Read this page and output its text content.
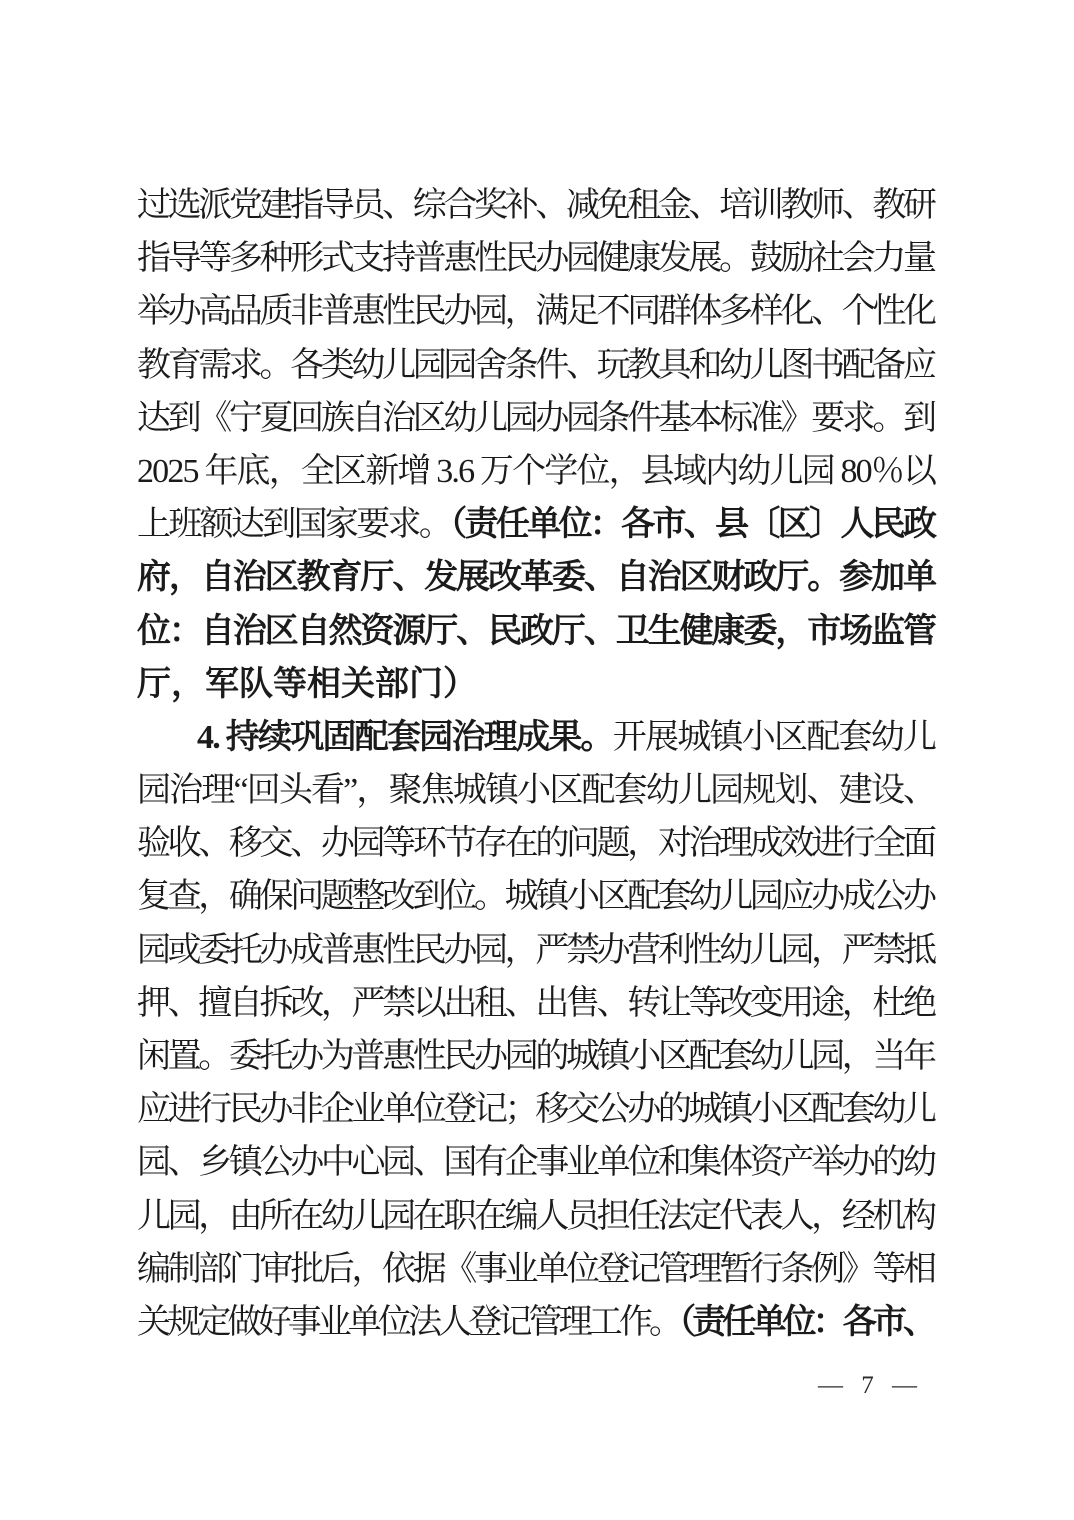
过选派党建指导员、综合奖补、减免租金、培训教师、教研
指导等多种形式支持普惠性民办园健康发展。鼓励社会力量
举办高品质非普惠性民办园，满足不同群体多样化、个性化
教育需求。各类幼儿园园舍条件、玩教具和幼儿图书配备应
达到《宁夏回族自治区幼儿园办园条件基本标准》要求。到
2025 年底，全区新增 3.6 万个学位，县域内幼儿园 80％以
上班额达到国家要求。（责任单位：各市、县〔区〕人民政
府，自治区教育厅、发展改革委、自治区财政厅。参加单
位：自治区自然资源厅、民政厅、卫生健康委，市场监管
厅，军队等相关部门）
4. 持续巩固配套园治理成果。开展城镇小区配套幼儿
园治理“回头看”，聚焦城镇小区配套幼儿园规划、建设、
验收、移交、办园等环节存在的问题，对治理成效进行全面
复查，确保问题整改到位。城镇小区配套幼儿园应办成公办
园或委托办成普惠性民办园，严禁办营利性幼儿园，严禁抵
押、擅自拆改，严禁以出租、出售、转让等改变用途，杜绝
闲置。委托办为普惠性民办园的城镇小区配套幼儿园，当年
应进行民办非企业单位登记；移交公办的城镇小区配套幼儿
园、乡镇公办中心园、国有企事业单位和集体资产举办的幼
儿园，由所在幼儿园在职在编人员担任法定代表人，经机构
编制部门审批后，依据《事业单位登记管理暂行条例》等相
关规定做好事业单位法人登记管理工作。（责任单位：各市、

— 7 —
